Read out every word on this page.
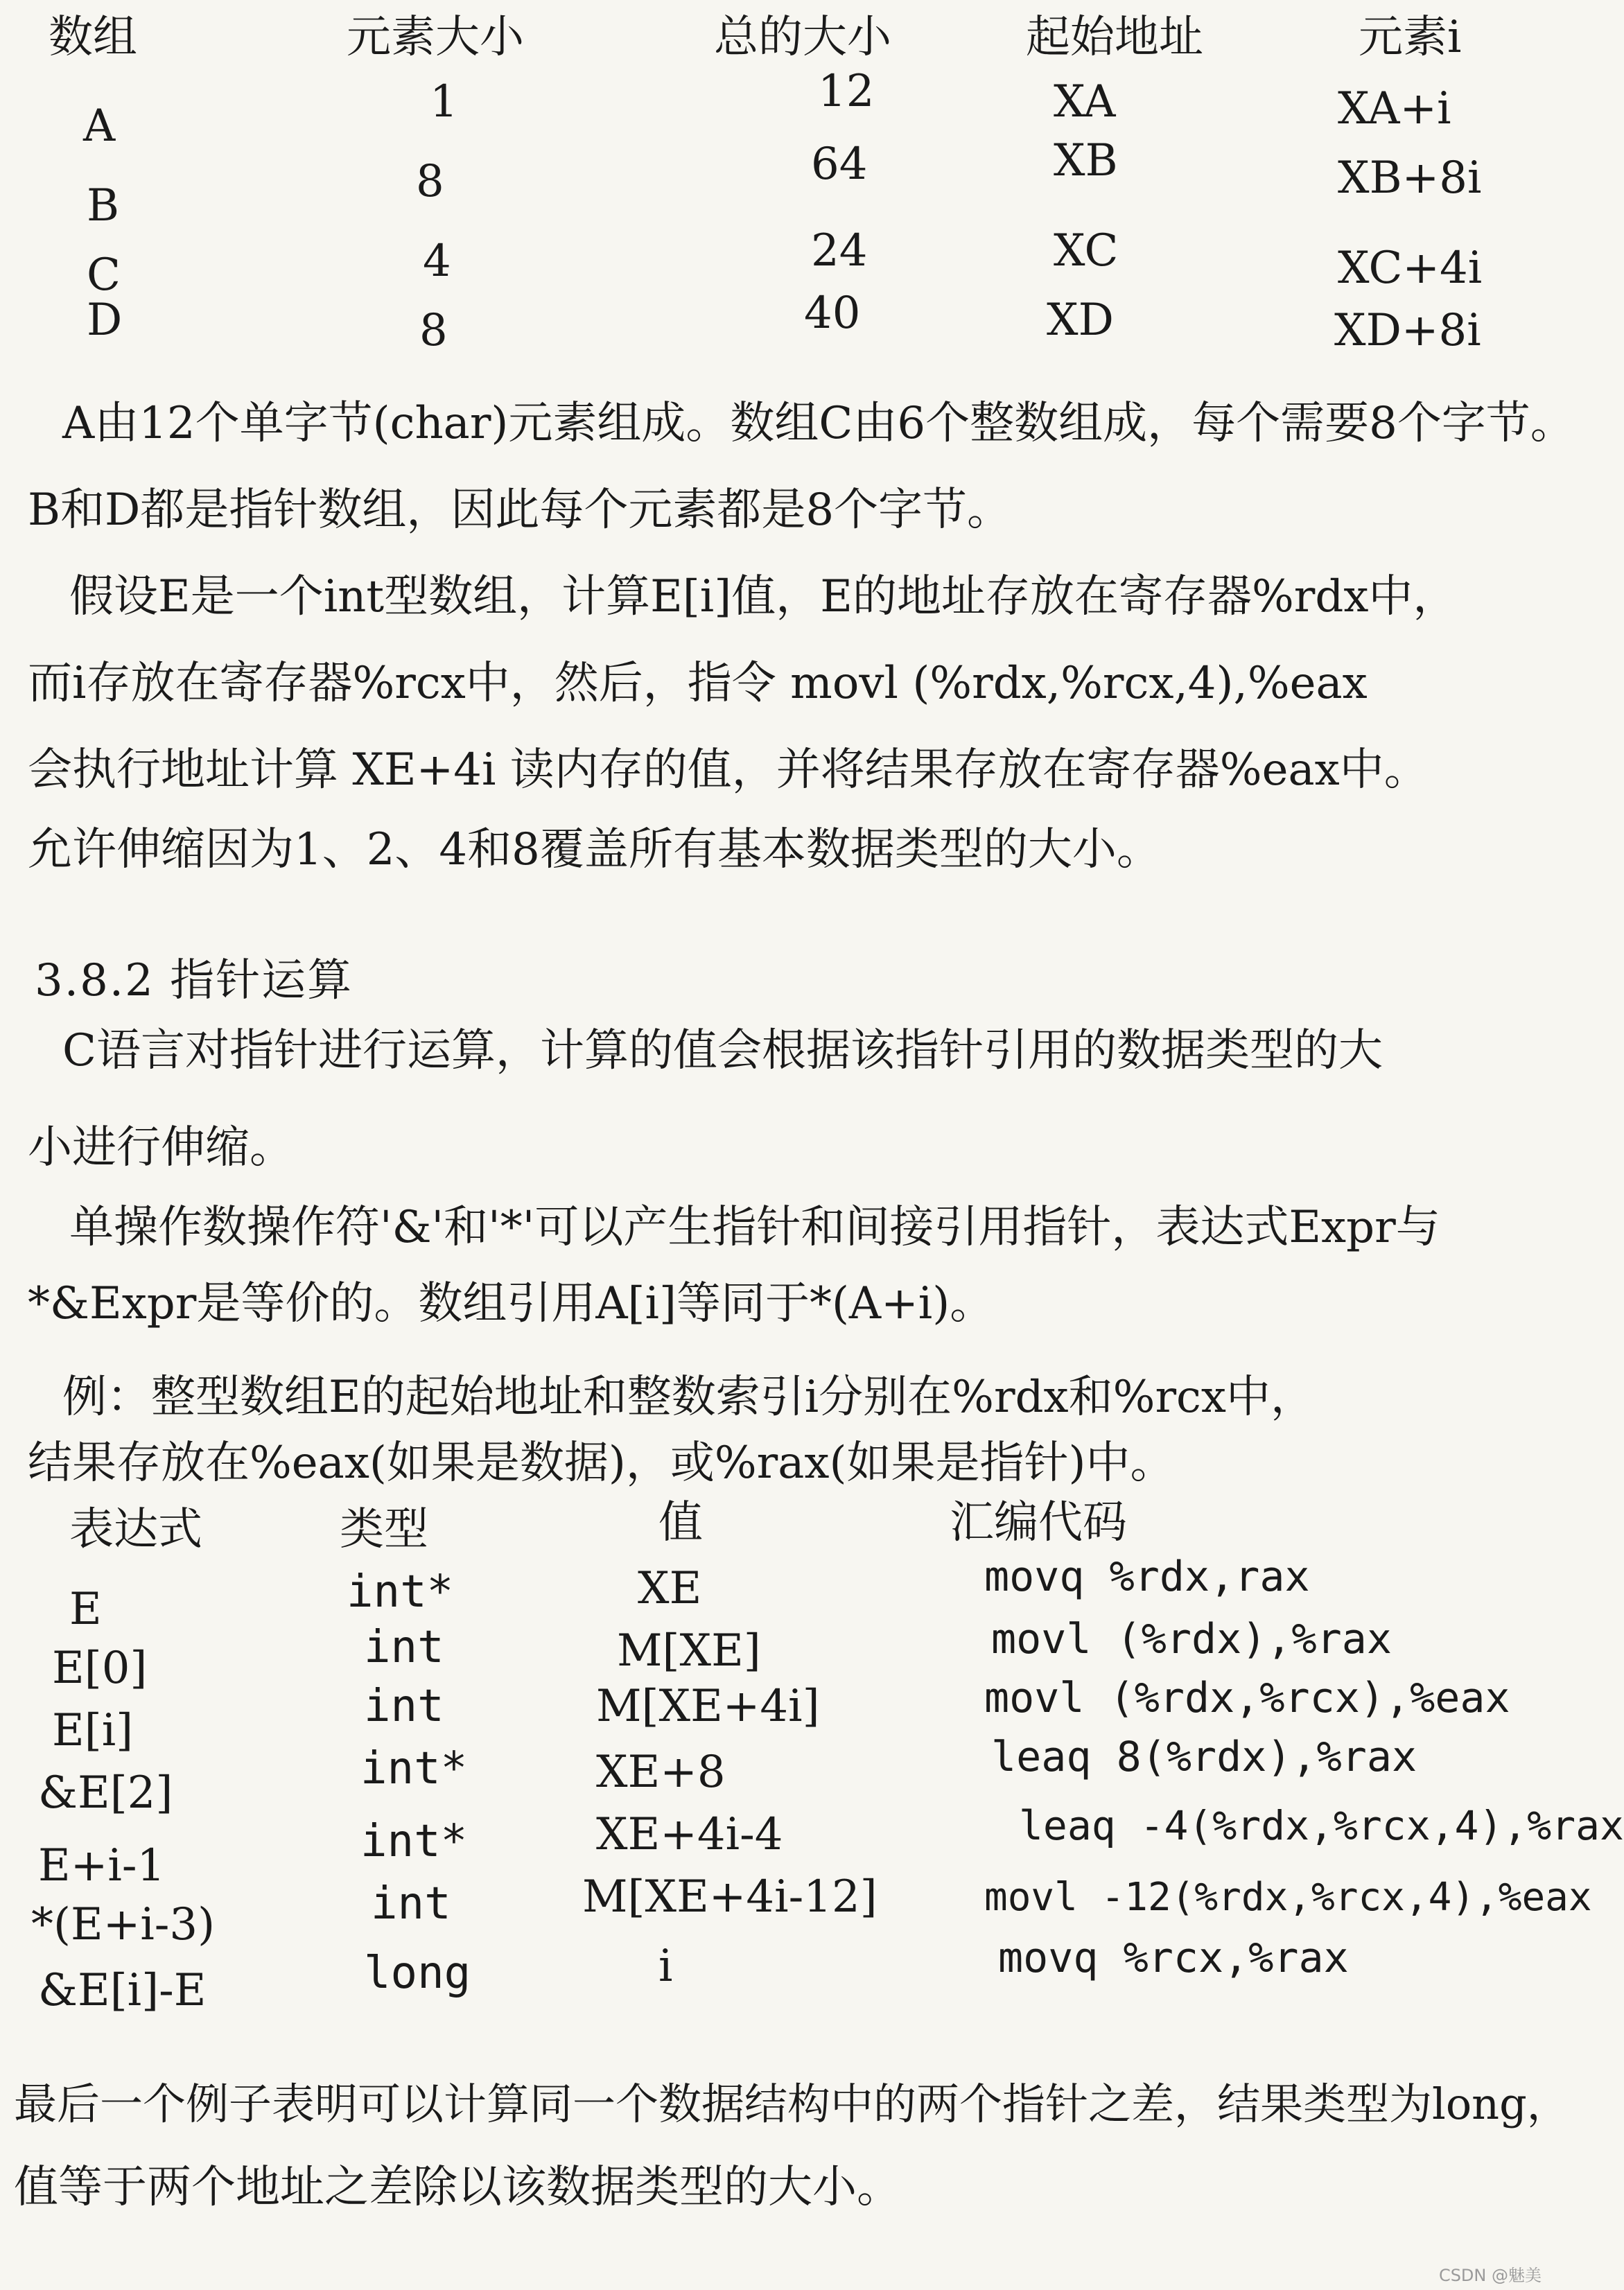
数组	元素大小	总的大小	起始地址	元素i
A	1	12	XA	XA+i
B	8	64	XB	XB+8i
C	4	24	XC	XC+4i
D	8	40	XD	XD+8i
A由12个单字节(char)元素组成。数组C由6个整数组成，每个需要8个字节。
B和D都是指针数组，因此每个元素都是8个字节。
假设E是一个int型数组，计算E[i]值，E的地址存放在寄存器%rdx中，
而i存放在寄存器%rcx中，然后，指令 movl (%rdx,%rcx,4),%eax
会执行地址计算 XE+4i 读内存的值，并将结果存放在寄存器%eax中。
允许伸缩因为1、2、4和8覆盖所有基本数据类型的大小。
3.8.2 指针运算
C语言对指针进行运算，计算的值会根据该指针引用的数据类型的大
小进行伸缩。
单操作数操作符'&'和'*'可以产生指针和间接引用指针，表达式Expr与
*&Expr是等价的。数组引用A[i]等同于*(A+i)。
例：整型数组E的起始地址和整数索引i分别在%rdx和%rcx中，
结果存放在%eax(如果是数据)，或%rax(如果是指针)中。
表达式	类型	值	汇编代码
E	int*	XE	movq %rdx,rax
E[0]	int	M[XE]	movl (%rdx),%rax
E[i]	int	M[XE+4i]	movl (%rdx,%rcx),%eax
&E[2]	int*	XE+8	leaq 8(%rdx),%rax
E+i-1	int*	XE+4i-4	leaq -4(%rdx,%rcx,4),%rax
*(E+i-3)	int	M[XE+4i-12]	movl -12(%rdx,%rcx,4),%eax
&E[i]-E	long	i	movq %rcx,%rax
最后一个例子表明可以计算同一个数据结构中的两个指针之差，结果类型为long，
值等于两个地址之差除以该数据类型的大小。
CSDN @魅美
